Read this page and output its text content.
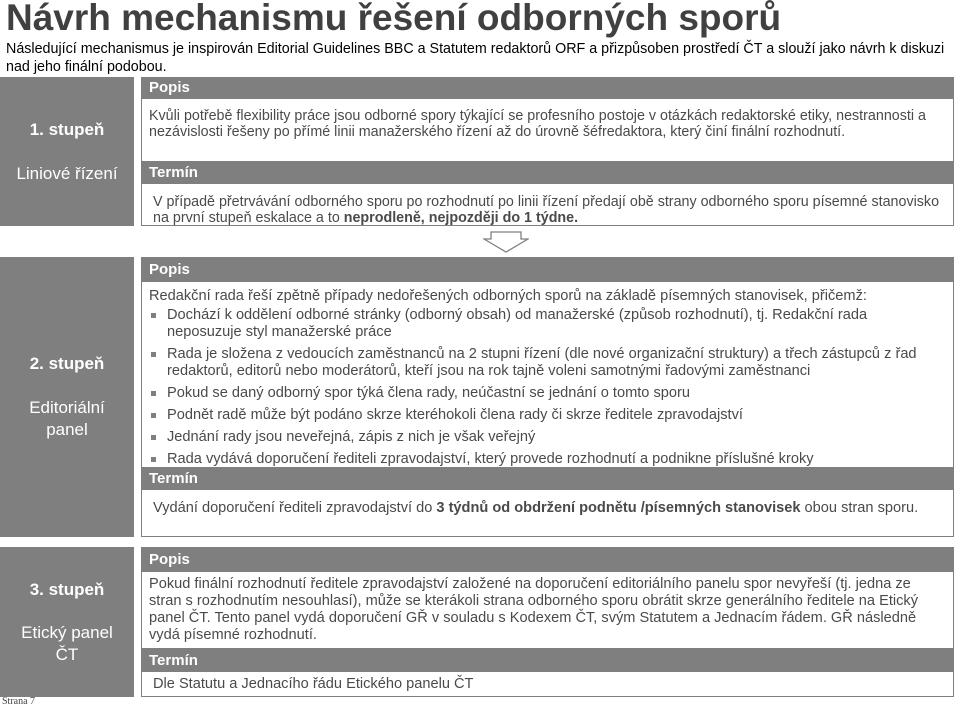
Návrh mechanismu řešení odborných sporů
Následující mechanismus je inspirován Editorial Guidelines BBC a Statutem redaktorů ORF a přizpůsoben prostředí ČT a slouží jako návrh k diskuzi nad jeho finální podobou.
1. stupeň
Liniové řízení
Popis

Kvůli potřebě flexibility práce jsou odborné spory týkající se profesního postoje v otázkách redaktorské etiky, nestrannosti a nezávislosti řešeny po přímé linii manažerského řízení až do úrovně šéfredaktora, který činí finální rozhodnutí.

Termín

V případě přetrvávání odborného sporu po rozhodnutí po linii řízení předají obě strany odborného sporu písemné stanovisko na první stupeň eskalace a to neprodleně, nejpozději do 1 týdne.

2. stupeň
Editoriální
panel
Popis

Redakční rada řeší zpětně případy nedořešených odborných sporů na základě písemných stanovisek, přičemž:

Dochází k oddělení odborné stránky (odborný obsah) od manažerské (způsob rozhodnutí), tj. Redakční rada neposuzuje styl manažerské práce
Rada je složena z vedoucích zaměstnanců na 2 stupni řízení (dle nové organizační struktury) a třech zástupců z řad redaktorů, editorů nebo moderátorů, kteří jsou na rok tajně voleni samotnými řadovými zaměstnanci
Pokud se daný odborný spor týká člena rady, neúčastní se jednání o tomto sporu
Podnět radě může být podáno skrze kteréhokoli člena rady či skrze ředitele zpravodajství
Jednání rady jsou neveřejná, zápis z nich je však veřejný
Rada vydává doporučení řediteli zpravodajství, který provede rozhodnutí a podnikne příslušné kroky
Termín

Vydání doporučení řediteli zpravodajství do 3 týdnů od obdržení podnětu /písemných stanovisek obou stran sporu.

3. stupeň
Etický panel
ČT
Popis

Pokud finální rozhodnutí ředitele zpravodajství založené na doporučení editoriálního panelu spor nevyřeší (tj. jedna ze stran s rozhodnutím nesouhlasí), může se kterákoli strana odborného sporu obrátit skrze generálního ředitele na Etický panel ČT. Tento panel vydá doporučení GŘ v souladu s Kodexem ČT, svým Statutem a Jednacím řádem. GŘ následně vydá písemné rozhodnutí.

Termín

Dle Statutu a Jednacího řádu Etického panelu ČT

Strana 7
